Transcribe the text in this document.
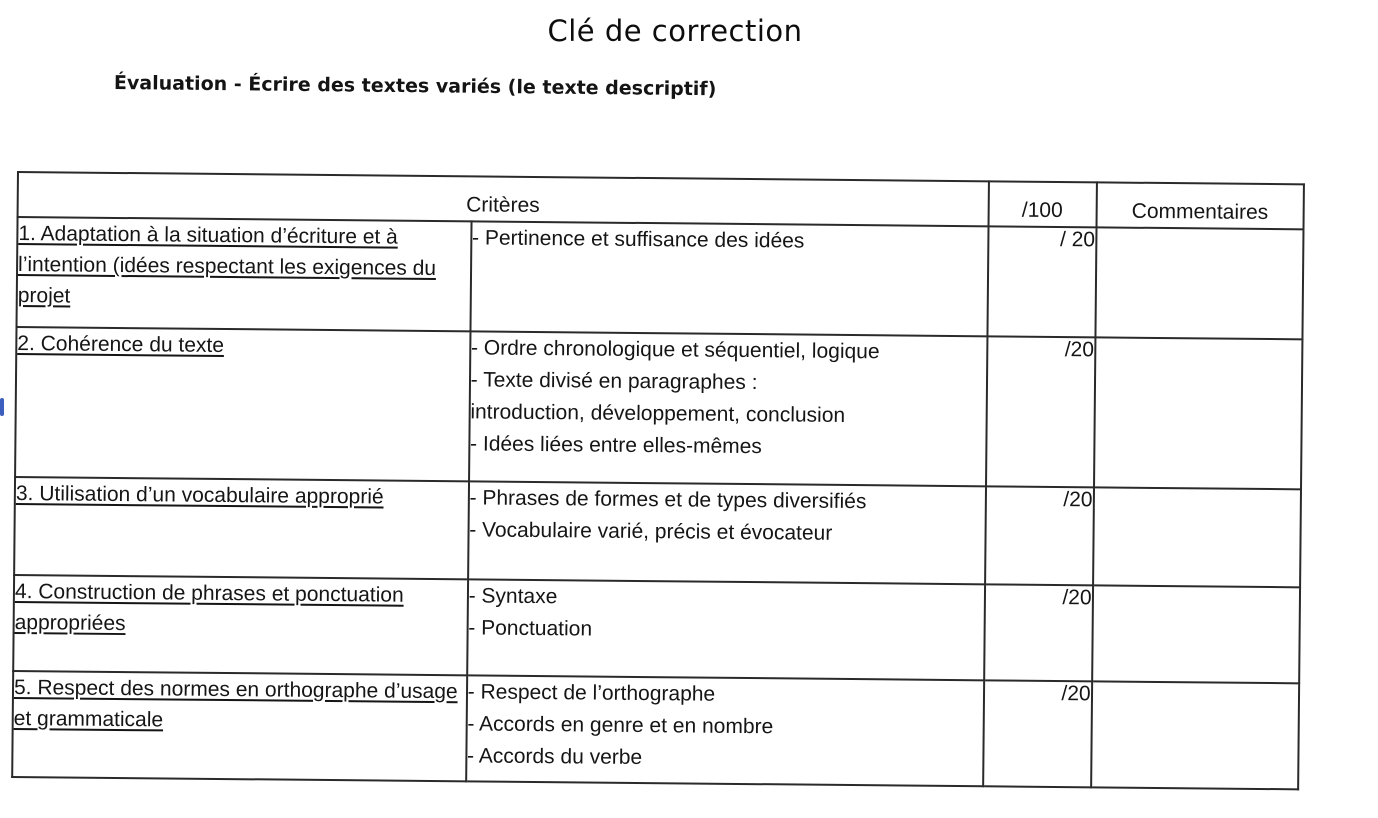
Clé de correction
Évaluation - Écrire des textes variés (le texte descriptif)
Critères		/100	Commentaires
1. Adaptation à la situation d’écriture et à l’intention (idées respectant les exigences du projet	- Pertinence et suffisance des idées	/ 20	
2. Cohérence du texte	- Ordre chronologique et séquentiel, logique
- Texte divisé en paragraphes :
introduction, développement, conclusion
- Idées liées entre elles-mêmes	/20	
3. Utilisation d’un vocabulaire approprié	- Phrases de formes et de types diversifiés
- Vocabulaire varié, précis et évocateur	/20	
4. Construction de phrases et ponctuation appropriées	- Syntaxe
- Ponctuation	/20	
5. Respect des normes en orthographe d’usage et grammaticale	- Respect de l’orthographe
- Accords en genre et en nombre
- Accords du verbe	/20	
